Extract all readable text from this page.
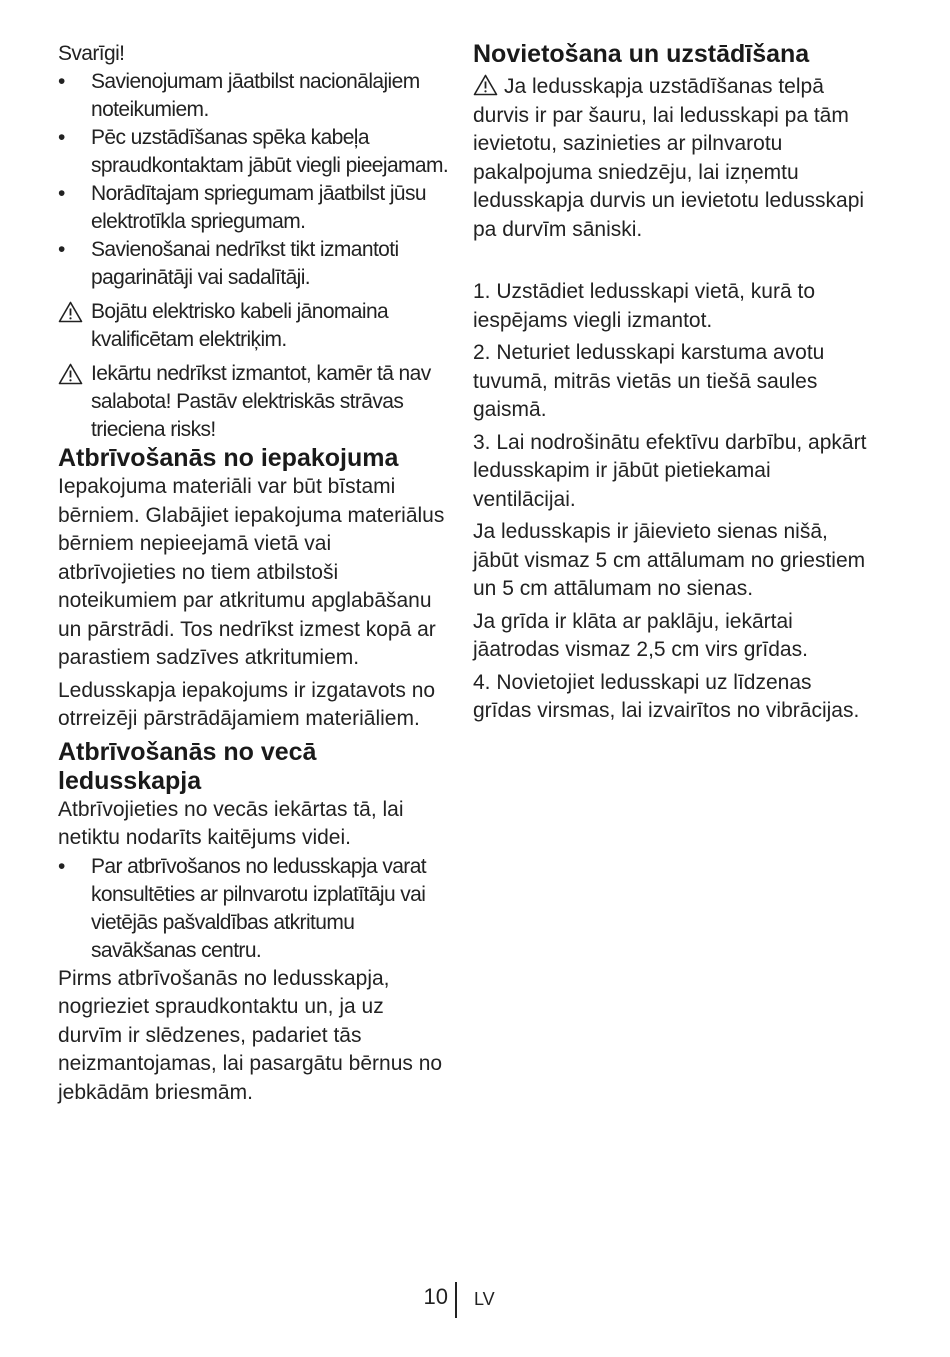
Svarīgi!

• Savienojumam jāatbilst nacionālajiem noteikumiem.
• Pēc uzstādīšanas spēka kabeļa spraudkontaktam jābūt viegli pieejamam.
• Norādītajam spriegumam jāatbilst jūsu elektrotīkla spriegumam.
• Savienošanai nedrīkst tikt izmantoti pagarinātāji vai sadalītāji.
Bojātu elektrisko kabeli jānomaina kvalificētam elektriķim.
Iekārtu nedrīkst izmantot, kamēr tā nav salabota! Pastāv elektriskās strāvas trieciena risks!
Atbrīvošanās no iepakojuma

Iepakojuma materiāli var būt bīstami bērniem. Glabājiet iepakojuma materiālus bērniem nepieejamā vietā vai atbrīvojieties no tiem atbilstoši noteikumiem par atkritumu apglabāšanu un pārstrādi. Tos nedrīkst izmest kopā ar parastiem sadzīves atkritumiem.

Ledusskapja iepakojums ir izgatavots no otrreizēji pārstrādājamiem materiāliem.

Atbrīvošanās no vecā ledusskapja

Atbrīvojieties no vecās iekārtas tā, lai netiktu nodarīts kaitējums videi.

• Par atbrīvošanos no ledusskapja varat konsultēties ar pilnvarotu izplatītāju vai vietējās pašvaldības atkritumu savākšanas centru.

Pirms atbrīvošanās no ledusskapja, nogrieziet spraudkontaktu un, ja uz durvīm ir slēdzenes, padariet tās neizmantojamas, lai pasargātu bērnus no jebkādām briesmām.

Novietošana un uzstādīšana

Ja ledusskapja uzstādīšanas telpā durvis ir par šauru, lai ledusskapi pa tām ievietotu, sazinieties ar pilnvarotu pakalpojuma sniedzēju, lai izņemtu ledusskapja durvis un ievietotu ledusskapi pa durvīm sāniski.

1. Uzstādiet ledusskapi vietā, kurā to iespējams viegli izmantot.

2. Neturiet ledusskapi karstuma avotu tuvumā, mitrās vietās un tiešā saules gaismā.

3. Lai nodrošinātu efektīvu darbību, apkārt ledusskapim ir jābūt pietiekamai ventilācijai.

Ja ledusskapis ir jāievieto sienas nišā, jābūt vismaz 5 cm attālumam no griestiem un 5 cm attālumam no sienas.

Ja grīda ir klāta ar paklāju, iekārtai jāatrodas vismaz 2,5 cm virs grīdas.

4. Novietojiet ledusskapi uz līdzenas grīdas virsmas, lai izvairītos no vibrācijas.

10 LV
